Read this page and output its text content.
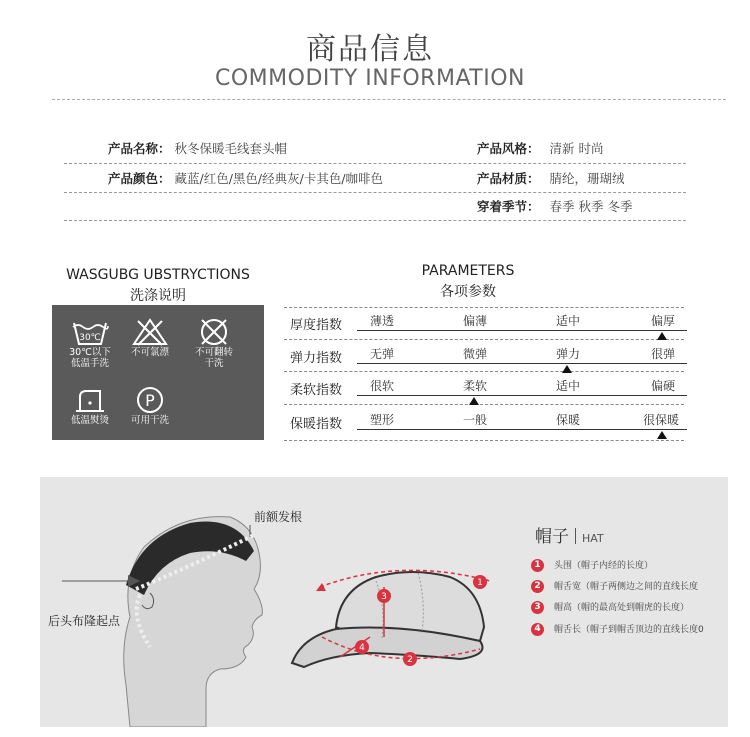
商品信息
COMMODITY INFORMATION
产品名称： 秋冬保暖毛线套头帽	产品风格： 清新 时尚
产品颜色： 藏蓝/红色/黑色/经典灰/卡其色/咖啡色	产品材质： 腈纶，珊瑚绒
穿着季节： 春季 秋季 冬季
WASGUBG UBSTRYCTIONS
洗涤说明
30℃
30℃以下
低温手洗
不可氯漂	不可翻转
干洗
低温熨烫
P
可用干洗
PARAMETERS
各项参数
厚度指数 薄透	偏薄	适中	偏厚
弹力指数 无弹	微弹	弹力	很弹
柔软指数 很软	柔软	适中	偏硬
保暖指数 塑形	一般	保暖	很保暖
1
2
3
4
前额发根
后头布隆起点
帽子 HAT
1 头围（帽子内经的长度）
2 帽舌宽（帽子两侧边之间的直线长度
3 帽高（帽的最高处到帽虎的长度）
4 帽舌长（帽子到帽舌顶边的直线长度0
